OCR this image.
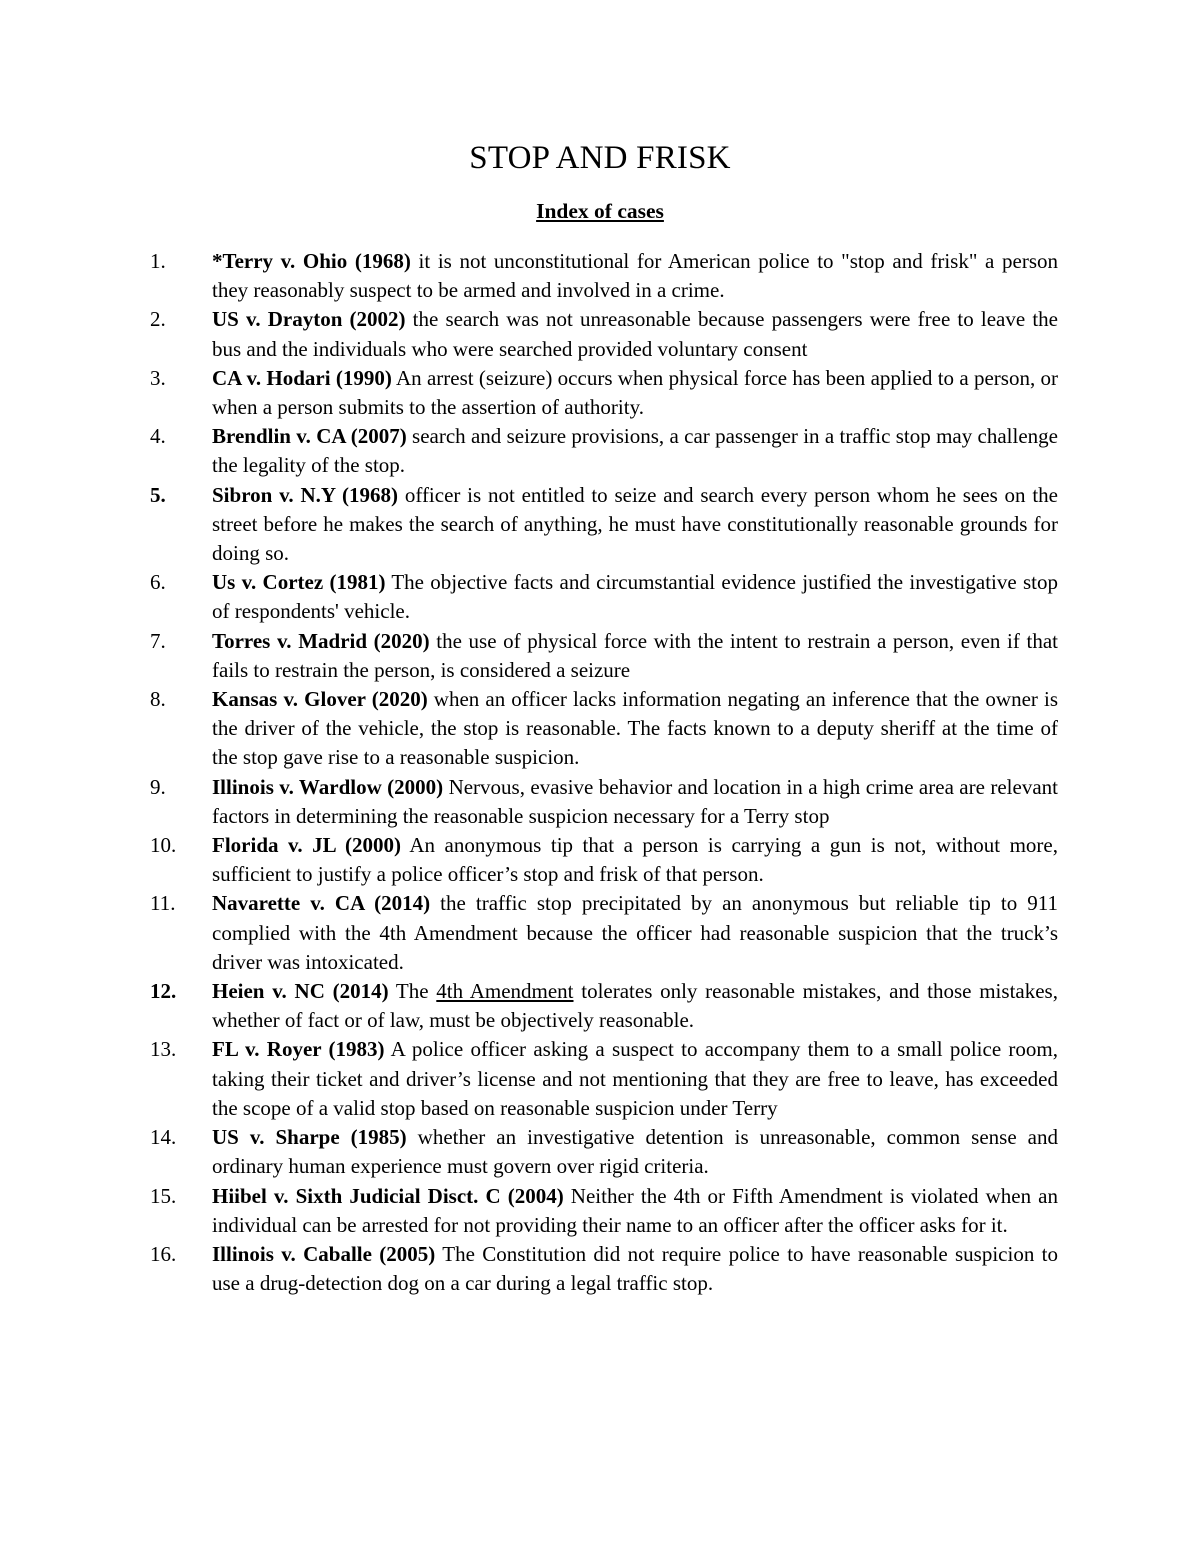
STOP AND FRISK
Index of cases
1.	*Terry v. Ohio (1968) it is not unconstitutional for American police to "stop and frisk" a person they reasonably suspect to be armed and involved in a crime.
2.	US v. Drayton (2002) the search was not unreasonable because passengers were free to leave the bus and the individuals who were searched provided voluntary consent
3.	CA v. Hodari (1990) An arrest (seizure) occurs when physical force has been applied to a person, or when a person submits to the assertion of authority.
4.	Brendlin v. CA (2007) search and seizure provisions, a car passenger in a traffic stop may challenge the legality of the stop.
5.	Sibron v. N.Y (1968) officer is not entitled to seize and search every person whom he sees on the street before he makes the search of anything, he must have constitutionally reasonable grounds for doing so.
6.	Us v. Cortez (1981) The objective facts and circumstantial evidence justified the investigative stop of respondents' vehicle.
7.	Torres v. Madrid (2020) the use of physical force with the intent to restrain a person, even if that fails to restrain the person, is considered a seizure
8.	Kansas v. Glover (2020) when an officer lacks information negating an inference that the owner is the driver of the vehicle, the stop is reasonable. The facts known to a deputy sheriff at the time of the stop gave rise to a reasonable suspicion.
9.	Illinois v. Wardlow (2000) Nervous, evasive behavior and location in a high crime area are relevant factors in determining the reasonable suspicion necessary for a Terry stop
10.	Florida v. JL (2000) An anonymous tip that a person is carrying a gun is not, without more, sufficient to justify a police officer’s stop and frisk of that person.
11.	Navarette v. CA (2014) the traffic stop precipitated by an anonymous but reliable tip to 911 complied with the 4th Amendment because the officer had reasonable suspicion that the truck’s driver was intoxicated.
12.	Heien v. NC (2014) The 4th Amendment tolerates only reasonable mistakes, and those mistakes, whether of fact or of law, must be objectively reasonable.
13.	FL v. Royer (1983) A police officer asking a suspect to accompany them to a small police room, taking their ticket and driver’s license and not mentioning that they are free to leave, has exceeded the scope of a valid stop based on reasonable suspicion under Terry
14.	US v. Sharpe (1985) whether an investigative detention is unreasonable, common sense and ordinary human experience must govern over rigid criteria.
15.	Hiibel v. Sixth Judicial Disct. C (2004) Neither the 4th or Fifth Amendment is violated when an individual can be arrested for not providing their name to an officer after the officer asks for it.
16.	Illinois v. Caballe (2005) The Constitution did not require police to have reasonable suspicion to use a drug-detection dog on a car during a legal traffic stop.
